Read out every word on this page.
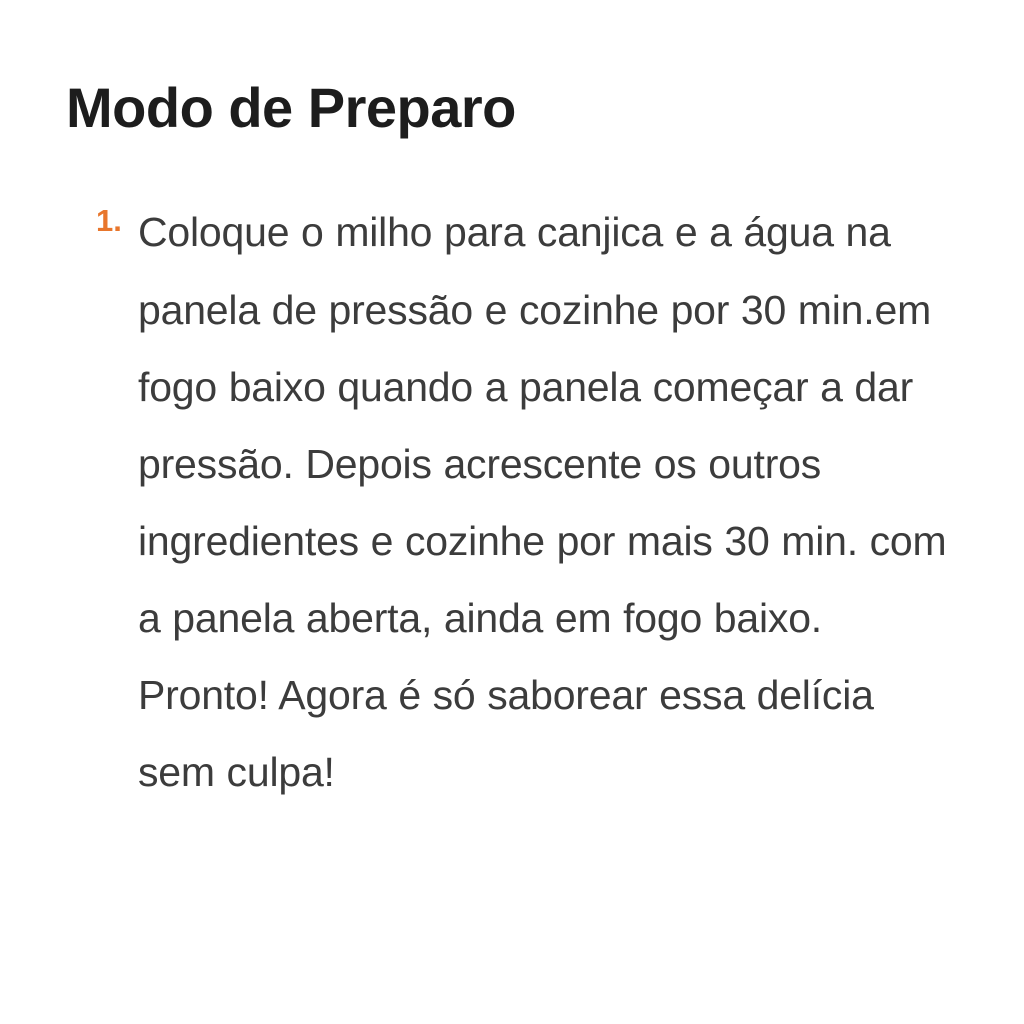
Modo de Preparo
1. Coloque o milho para canjica e a água na panela de pressão e cozinhe por 30 min.em fogo baixo quando a panela começar a dar pressão. Depois acrescente os outros ingredientes e cozinhe por mais 30 min. com a panela aberta, ainda em fogo baixo. Pronto! Agora é só saborear essa delícia sem culpa!
